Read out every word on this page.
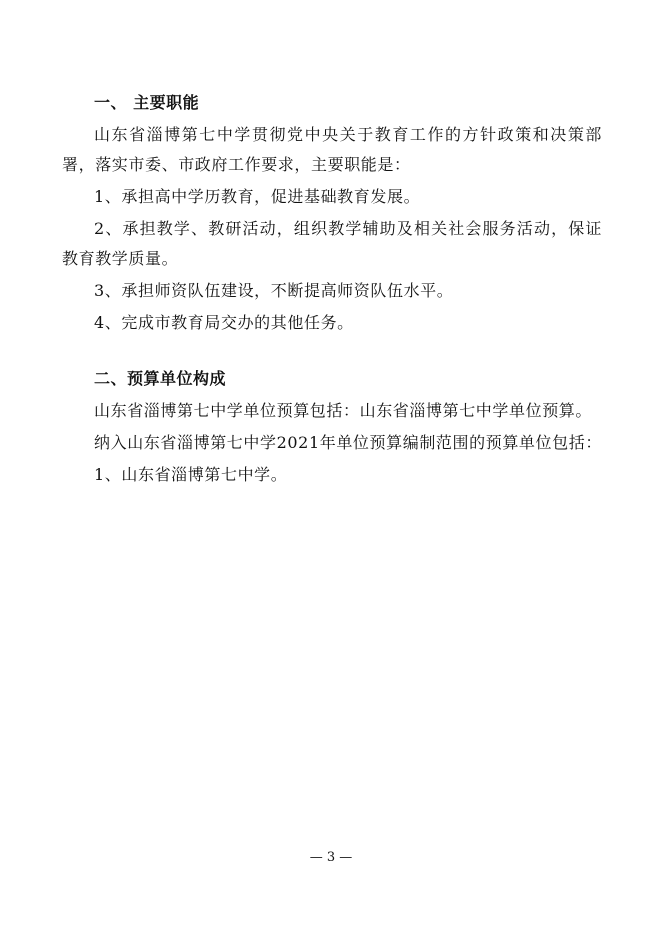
一、 主要职能

山东省淄博第七中学贯彻党中央关于教育工作的方针政策和决策部署，落实市委、市政府工作要求，主要职能是：

1、承担高中学历教育，促进基础教育发展。

2、承担教学、教研活动，组织教学辅助及相关社会服务活动，保证教育教学质量。

3、承担师资队伍建设，不断提高师资队伍水平。

4、完成市教育局交办的其他任务。

二、预算单位构成

山东省淄博第七中学单位预算包括：山东省淄博第七中学单位预算。

纳入山东省淄博第七中学2021年单位预算编制范围的预算单位包括：

1、山东省淄博第七中学。

— 3 —
